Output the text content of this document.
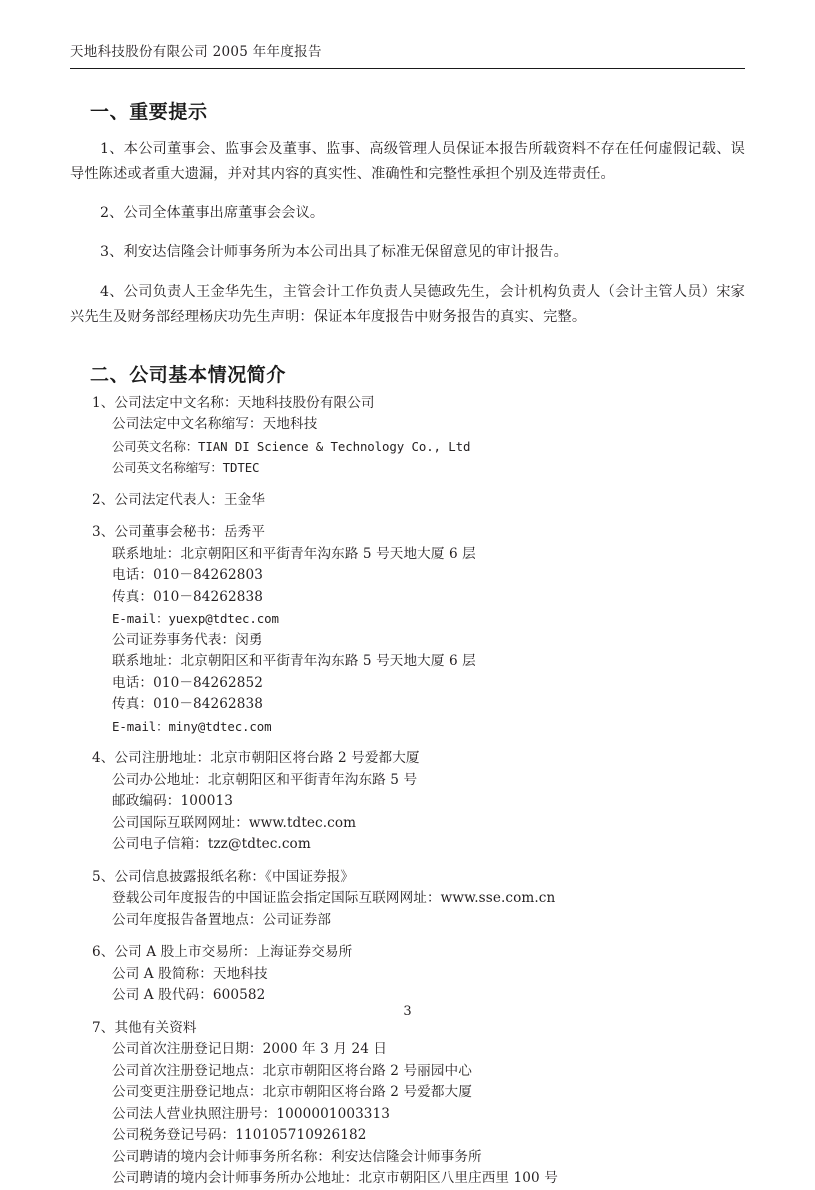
天地科技股份有限公司 2005 年年度报告
一、重要提示

1、本公司董事会、监事会及董事、监事、高级管理人员保证本报告所载资料不存在任何虚假记载、误导性陈述或者重大遗漏，并对其内容的真实性、准确性和完整性承担个别及连带责任。

2、公司全体董事出席董事会会议。

3、利安达信隆会计师事务所为本公司出具了标准无保留意见的审计报告。

4、公司负责人王金华先生，主管会计工作负责人吴德政先生，会计机构负责人（会计主管人员）宋家兴先生及财务部经理杨庆功先生声明：保证本年度报告中财务报告的真实、完整。

二、公司基本情况简介
1、公司法定中文名称：天地科技股份有限公司
公司法定中文名称缩写：天地科技
公司英文名称：TIAN DI Science & Technology Co., Ltd
公司英文名称缩写：TDTEC
2、公司法定代表人：王金华
3、公司董事会秘书：岳秀平
联系地址：北京朝阳区和平街青年沟东路 5 号天地大厦 6 层
电话：010－84262803
传真：010－84262838
E-mail：yuexp@tdtec.com
公司证券事务代表：闵勇
联系地址：北京朝阳区和平街青年沟东路 5 号天地大厦 6 层
电话：010－84262852
传真：010－84262838
E-mail：miny@tdtec.com
4、公司注册地址：北京市朝阳区将台路 2 号爱都大厦
公司办公地址：北京朝阳区和平街青年沟东路 5 号
邮政编码：100013
公司国际互联网网址：www.tdtec.com
公司电子信箱：tzz@tdtec.com
5、公司信息披露报纸名称：《中国证券报》
登载公司年度报告的中国证监会指定国际互联网网址：www.sse.com.cn
公司年度报告备置地点：公司证券部
6、公司 A 股上市交易所：上海证券交易所
公司 A 股简称：天地科技
公司 A 股代码：600582
7、其他有关资料
公司首次注册登记日期：2000 年 3 月 24 日
公司首次注册登记地点：北京市朝阳区将台路 2 号丽园中心
公司变更注册登记地点：北京市朝阳区将台路 2 号爱都大厦
公司法人营业执照注册号：1000001003313
公司税务登记号码：110105710926182
公司聘请的境内会计师事务所名称：利安达信隆会计师事务所
公司聘请的境内会计师事务所办公地址：北京市朝阳区八里庄西里 100 号
3
